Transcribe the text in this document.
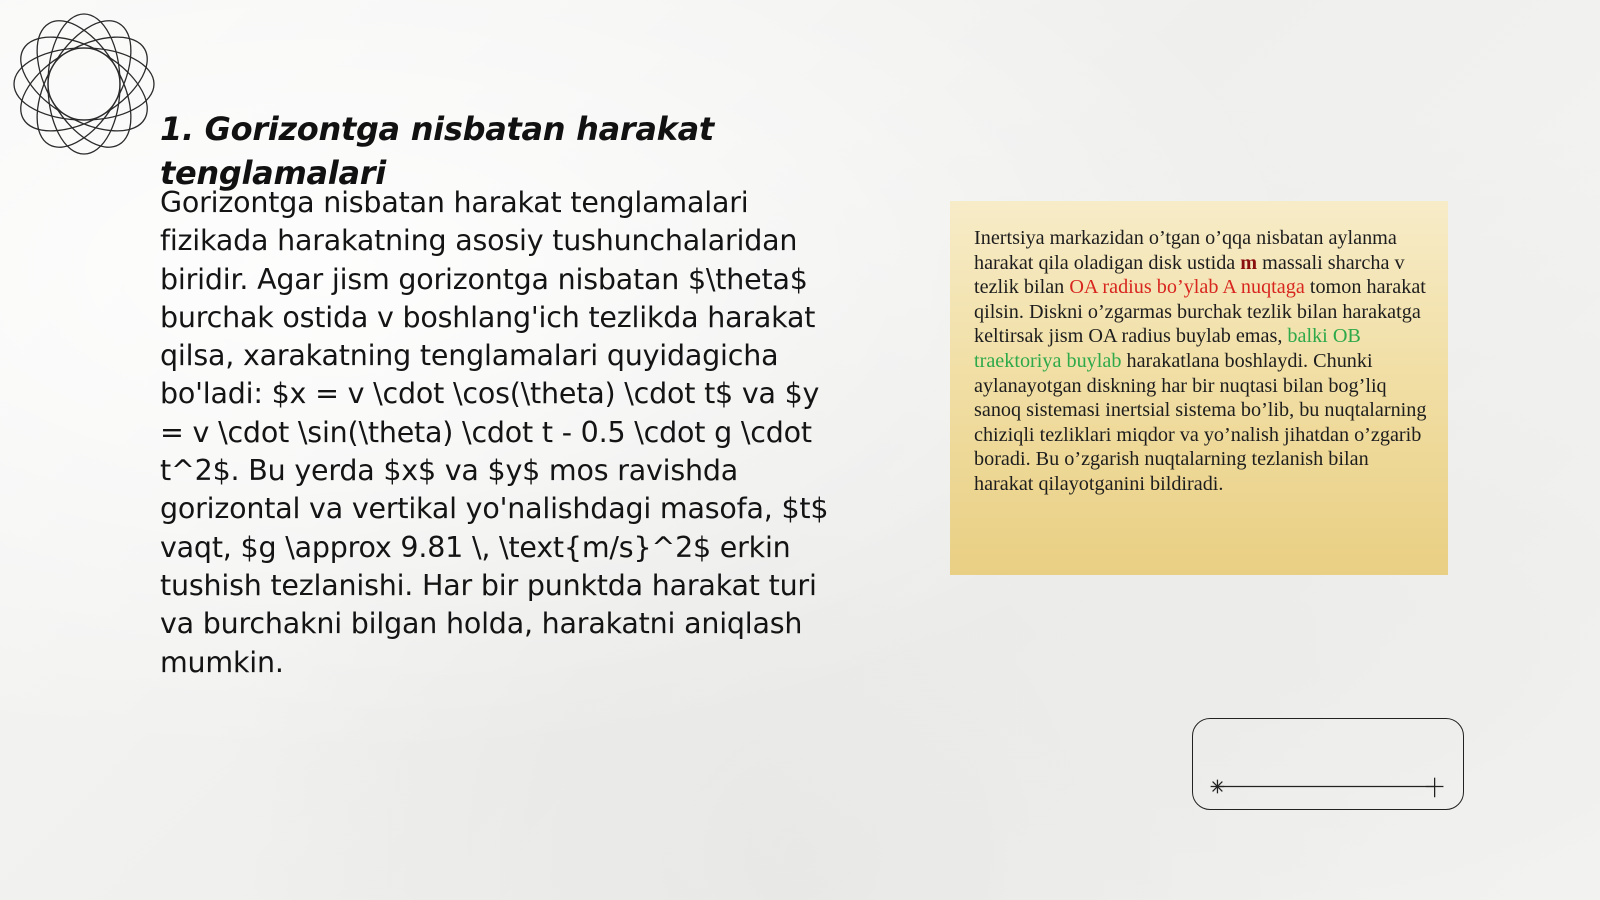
1. Gorizontga nisbatan harakat tenglamalari

Gorizontga nisbatan harakat tenglamalari fizikada harakatning asosiy tushunchalaridan biridir. Agar jism gorizontga nisbatan $\theta$ burchak ostida v boshlang'ich tezlikda harakat qilsa, xarakatning tenglamalari quyidagicha bo'ladi: $x = v \cdot \cos(\theta) \cdot t$ va $y = v \cdot \sin(\theta) \cdot t - 0.5 \cdot g \cdot t^2$. Bu yerda $x$ va $y$ mos ravishda gorizontal va vertikal yo'nalishdagi masofa, $t$ vaqt, $g \approx 9.81 \, \text{m/s}^2$ erkin tushish tezlanishi. Har bir punktda harakat turi va burchakni bilgan holda, harakatni aniqlash mumkin.

Inertsiya markazidan o’tgan o’qqa nisbatan aylanma harakat qila oladigan disk ustida m massali sharcha v tezlik bilan OA radius bo’ylab A nuqtaga tomon harakat qilsin. Diskni o’zgarmas burchak tezlik bilan harakatga keltirsak jism OA radius buylab emas, balki OB traektoriya buylab harakatlana boshlaydi. Chunki aylanayotgan diskning har bir nuqtasi bilan bog’liq sanoq sistemasi inertsial sistema bo’lib, bu nuqtalarning chiziqli tezliklari miqdor va yo’nalish jihatdan o’zgarib boradi. Bu o’zgarish nuqtalarning tezlanish bilan harakat qilayotganini bildiradi.
